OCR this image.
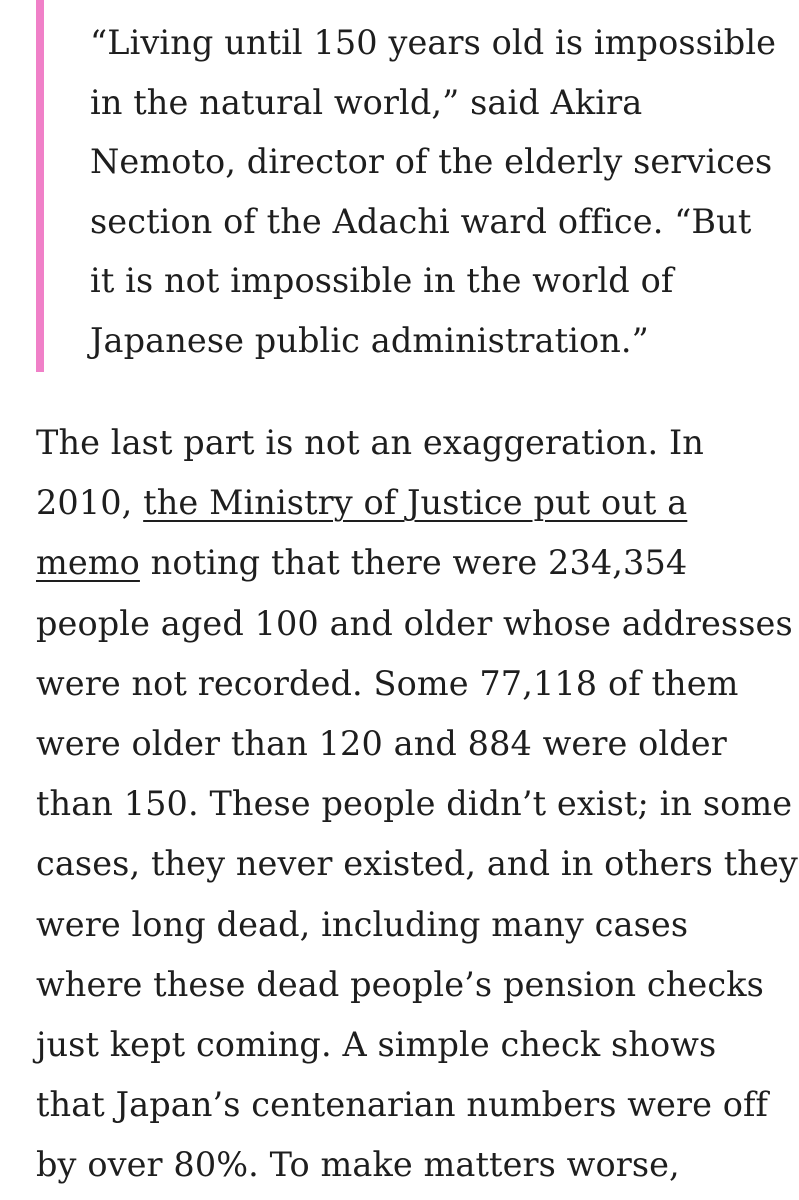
“Living until 150 years old is impossible
in the natural world,” said Akira
Nemoto, director of the elderly services
section of the Adachi ward office. “But
it is not impossible in the world of
Japanese public administration.”
The last part is not an exaggeration. In
2010, the Ministry of Justice put out a
memo noting that there were 234,354
people aged 100 and older whose addresses
were not recorded. Some 77,118 of them
were older than 120 and 884 were older
than 150. These people didn’t exist; in some
cases, they never existed, and in others they
were long dead, including many cases
where these dead people’s pension checks
just kept coming. A simple check shows
that Japan’s centenarian numbers were off
by over 80%. To make matters worse,
